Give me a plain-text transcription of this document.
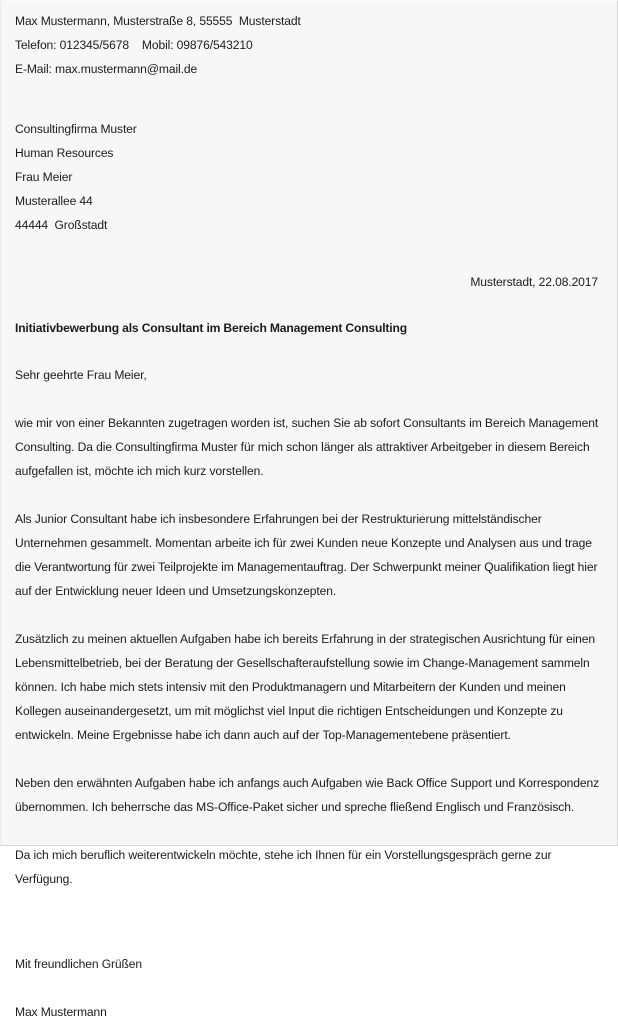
Max Mustermann, Musterstraße 8, 55555  Musterstadt
Telefon: 012345/5678    Mobil: 09876/543210
E-Mail: max.mustermann@mail.de
Consultingfirma Muster
Human Resources
Frau Meier
Musterallee 44
44444  Großstadt
Musterstadt, 22.08.2017
Initiativbewerbung als Consultant im Bereich Management Consulting
Sehr geehrte Frau Meier,

wie mir von einer Bekannten zugetragen worden ist, suchen Sie ab sofort Consultants im Bereich Management Consulting. Da die Consultingfirma Muster für mich schon länger als attraktiver Arbeitgeber in diesem Bereich aufgefallen ist, möchte ich mich kurz vorstellen.

Als Junior Consultant habe ich insbesondere Erfahrungen bei der Restrukturierung mittelständischer Unternehmen gesammelt. Momentan arbeite ich für zwei Kunden neue Konzepte und Analysen aus und trage die Verantwortung für zwei Teilprojekte im Managementauftrag. Der Schwerpunkt meiner Qualifikation liegt hier auf der Entwicklung neuer Ideen und Umsetzungskonzepten.

Zusätzlich zu meinen aktuellen Aufgaben habe ich bereits Erfahrung in der strategischen Ausrichtung für einen Lebensmittelbetrieb, bei der Beratung der Gesellschafteraufstellung sowie im Change-Management sammeln können. Ich habe mich stets intensiv mit den Produktmanagern und Mitarbeitern der Kunden und meinen Kollegen auseinandergesetzt, um mit möglichst viel Input die richtigen Entscheidungen und Konzepte zu entwickeln. Meine Ergebnisse habe ich dann auch auf der Top-Managementebene präsentiert.

Neben den erwähnten Aufgaben habe ich anfangs auch Aufgaben wie Back Office Support und Korrespondenz übernommen. Ich beherrsche das MS-Office-Paket sicher und spreche fließend Englisch und Französisch.

Da ich mich beruflich weiterentwickeln möchte, stehe ich Ihnen für ein Vorstellungsgespräch gerne zur Verfügung.

Mit freundlichen Grüßen
Max Mustermann
